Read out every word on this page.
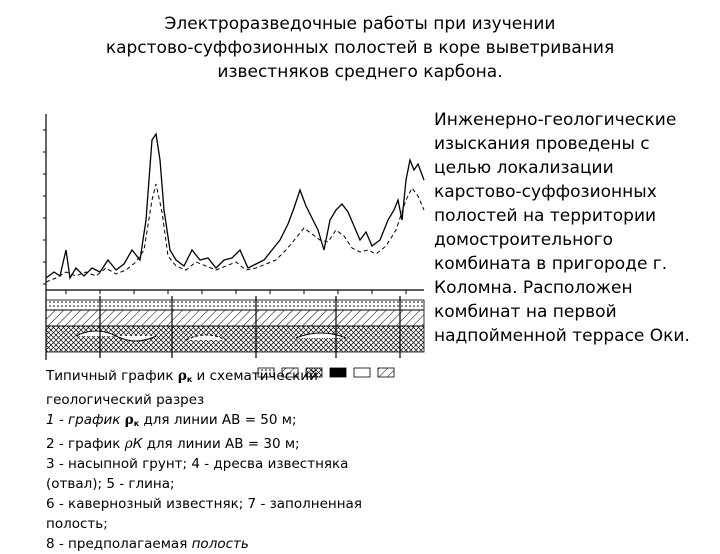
Электроразведочные работы при изучении
карстово-суффозионных полостей в коре выветривания
известняков среднего карбона.
Инженерно-геологические изыскания проведены с целью локализации карстово-суффозионных полостей на территории домостроительного комбината в пригороде г. Коломна. Расположен комбинат на первой надпойменной террасе Оки.
Типичный график $\rho_к$ и схематический
геологический разрез
1 - график $\rho_к$ для линии АВ = 50 м;
2 - график ρК для линии АВ = 30 м;
3 - насыпной грунт; 4 - дресва известняка
(отвал); 5 - глина;
6 - кавернозный известняк; 7 - заполненная
полость;
8 - предполагаемая полость
